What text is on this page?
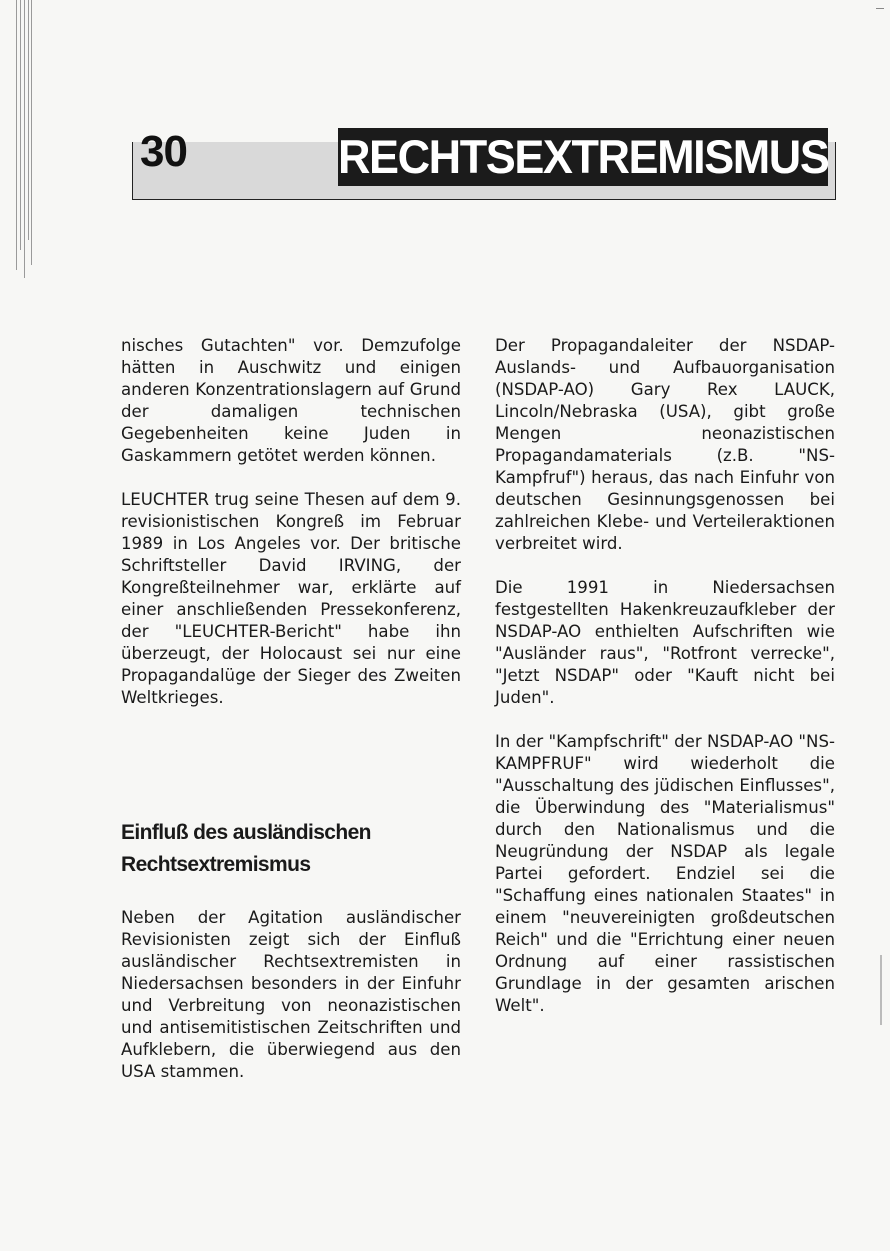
30	RECHTSEXTREMISMUS

nisches Gutachten" vor. Demzufolge hätten in Auschwitz und einigen anderen Konzentrationslagern auf Grund der damaligen technischen Gegebenheiten keine Juden in Gaskammern getötet werden können.

LEUCHTER trug seine Thesen auf dem 9. revisionistischen Kongreß im Februar 1989 in Los Angeles vor. Der britische Schriftsteller David IRVING, der Kongreßteilnehmer war, erklärte auf einer anschließenden Pressekonferenz, der "LEUCHTER-Bericht" habe ihn überzeugt, der Holocaust sei nur eine Propagandalüge der Sieger des Zweiten Weltkrieges.

Einfluß des ausländischen Rechtsextremismus

Neben der Agitation ausländischer Revisionisten zeigt sich der Einfluß ausländischer Rechtsextremisten in Niedersachsen besonders in der Einfuhr und Verbreitung von neonazistischen und antisemitistischen Zeitschriften und Aufklebern, die überwiegend aus den USA stammen.

Der Propagandaleiter der NSDAP-Auslands- und Aufbauorganisation (NSDAP-AO) Gary Rex LAUCK, Lincoln/Nebraska (USA), gibt große Mengen neonazistischen Propagandamaterials (z.B. "NS-Kampfruf") heraus, das nach Einfuhr von deutschen Gesinnungsgenossen bei zahlreichen Klebe- und Verteileraktionen verbreitet wird.

Die 1991 in Niedersachsen festgestellten Hakenkreuzaufkleber der NSDAP-AO enthielten Aufschriften wie "Ausländer raus", "Rotfront verrecke", "Jetzt NSDAP" oder "Kauft nicht bei Juden".

In der "Kampfschrift" der NSDAP-AO "NS-KAMPFRUF" wird wiederholt die "Ausschaltung des jüdischen Einflusses", die Überwindung des "Materialismus" durch den Nationalismus und die Neugründung der NSDAP als legale Partei gefordert. Endziel sei die "Schaffung eines nationalen Staates" in einem "neuvereinigten großdeutschen Reich" und die "Errichtung einer neuen Ordnung auf einer rassistischen Grundlage in der gesamten arischen Welt".
